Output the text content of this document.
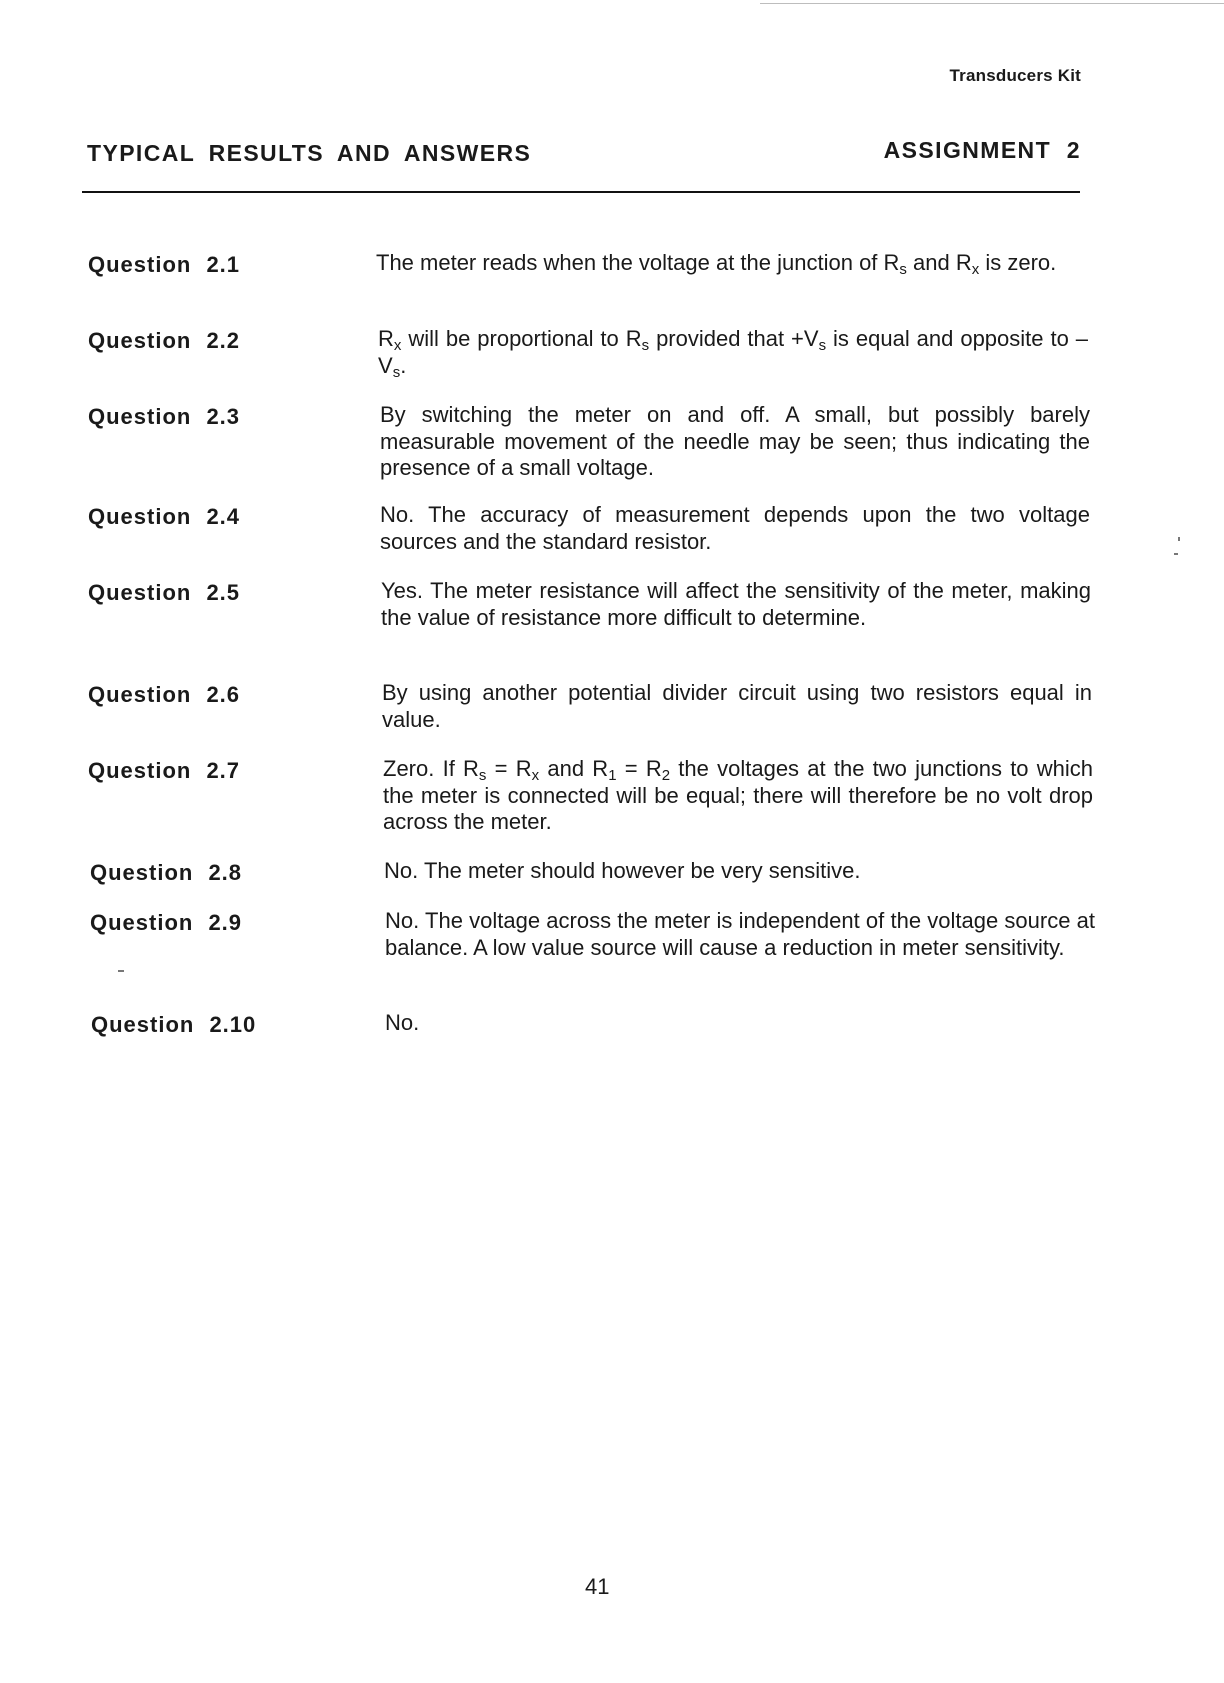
Transducers Kit
TYPICAL RESULTS AND ANSWERS	ASSIGNMENT 2
Question 2.1	The meter reads when the voltage at the junction of $R_s$ and $R_x$ is zero.
Question 2.2	$R_x$ will be proportional to $R_s$ provided that $+V_s$ is equal and opposite to $-V_s$.
Question 2.3	By switching the meter on and off. A small, but possibly barely measurable movement of the needle may be seen; thus indicating the presence of a small voltage.
Question 2.4	No. The accuracy of measurement depends upon the two voltage sources and the standard resistor.
Question 2.5	Yes. The meter resistance will affect the sensitivity of the meter, making the value of resistance more difficult to determine.
Question 2.6	By using another potential divider circuit using two resistors equal in value.
Question 2.7	Zero. If $R_s = R_x$ and $R_1 = R_2$ the voltages at the two junctions to which the meter is connected will be equal; there will therefore be no volt drop across the meter.
Question 2.8	No. The meter should however be very sensitive.
Question 2.9	No. The voltage across the meter is independent of the voltage source at balance. A low value source will cause a reduction in meter sensitivity.
Question 2.10	No.
41
